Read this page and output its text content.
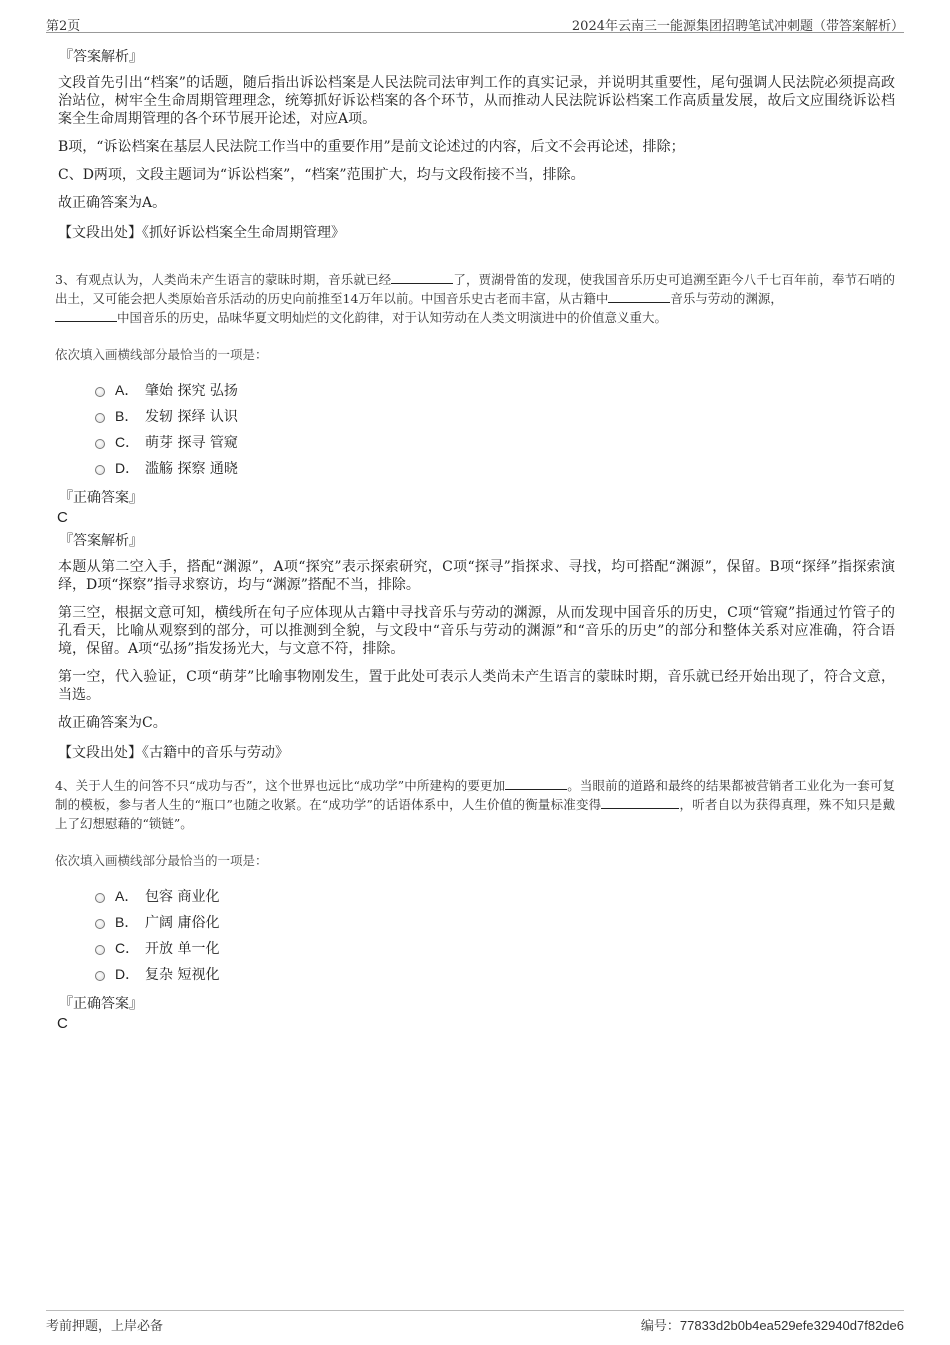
第2页	2024年云南三一能源集团招聘笔试冲刺题（带答案解析）
『答案解析』

文段首先引出“档案”的话题，随后指出诉讼档案是人民法院司法审判工作的真实记录，并说明其重要性，尾句强调人民法院必须提高政治站位，树牢全生命周期管理理念，统筹抓好诉讼档案的各个环节，从而推动人民法院诉讼档案工作高质量发展，故后文应围绕诉讼档案全生命周期管理的各个环节展开论述，对应A项。

B项，“诉讼档案在基层人民法院工作当中的重要作用”是前文论述过的内容，后文不会再论述，排除；

C、D两项，文段主题词为“诉讼档案”，“档案”范围扩大，均与文段衔接不当，排除。

故正确答案为A。

【文段出处】《抓好诉讼档案全生命周期管理》

3、有观点认为，人类尚未产生语言的蒙昧时期，音乐就已经	了，贾湖骨笛的发现，使我国音乐历史可追溯至距今八千七百年前，奉节石哨的出土，又可能会把人类原始音乐活动的历史向前推至14万年以前。中国音乐史古老而丰富，从古籍中	音乐与劳动的渊源，
中国音乐的历史，品味华夏文明灿烂的文化韵律，对于认知劳动在人类文明演进中的价值意义重大。

依次填入画横线部分最恰当的一项是：
A． 肇始 探究 弘扬
B． 发轫 探绎 认识
C． 萌芽 探寻 管窥
D． 滥觞 探察 通晓
『正确答案』
C
『答案解析』

本题从第二空入手，搭配“渊源”，A项“探究”表示探索研究，C项“探寻”指探求、寻找，均可搭配“渊源”，保留。B项“探绎”指探索演绎，D项“探察”指寻求察访，均与“渊源”搭配不当，排除。

第三空，根据文意可知，横线所在句子应体现从古籍中寻找音乐与劳动的渊源，从而发现中国音乐的历史，C项“管窥”指通过竹管子的孔看天，比喻从观察到的部分，可以推测到全貌，与文段中“音乐与劳动的渊源”和“音乐的历史”的部分和整体关系对应准确，符合语境，保留。A项“弘扬”指发扬光大，与文意不符，排除。

第一空，代入验证，C项“萌芽”比喻事物刚发生，置于此处可表示人类尚未产生语言的蒙昧时期，音乐就已经开始出现了，符合文意，当选。

故正确答案为C。

【文段出处】《古籍中的音乐与劳动》

4、关于人生的问答不只“成功与否”，这个世界也远比“成功学”中所建构的要更加	。当眼前的道路和最终的结果都被营销者工业化为一套可复制的模板，参与者人生的“瓶口”也随之收紧。在“成功学”的话语体系中，人生价值的衡量标准变得	，听者自以为获得真理，殊不知只是戴上了幻想慰藉的“锁链”。

依次填入画横线部分最恰当的一项是：
A． 包容 商业化
B． 广阔 庸俗化
C． 开放 单一化
D． 复杂 短视化
『正确答案』
C
考前押题，上岸必备	编号：77833d2b0b4ea529efe32940d7f82de6
